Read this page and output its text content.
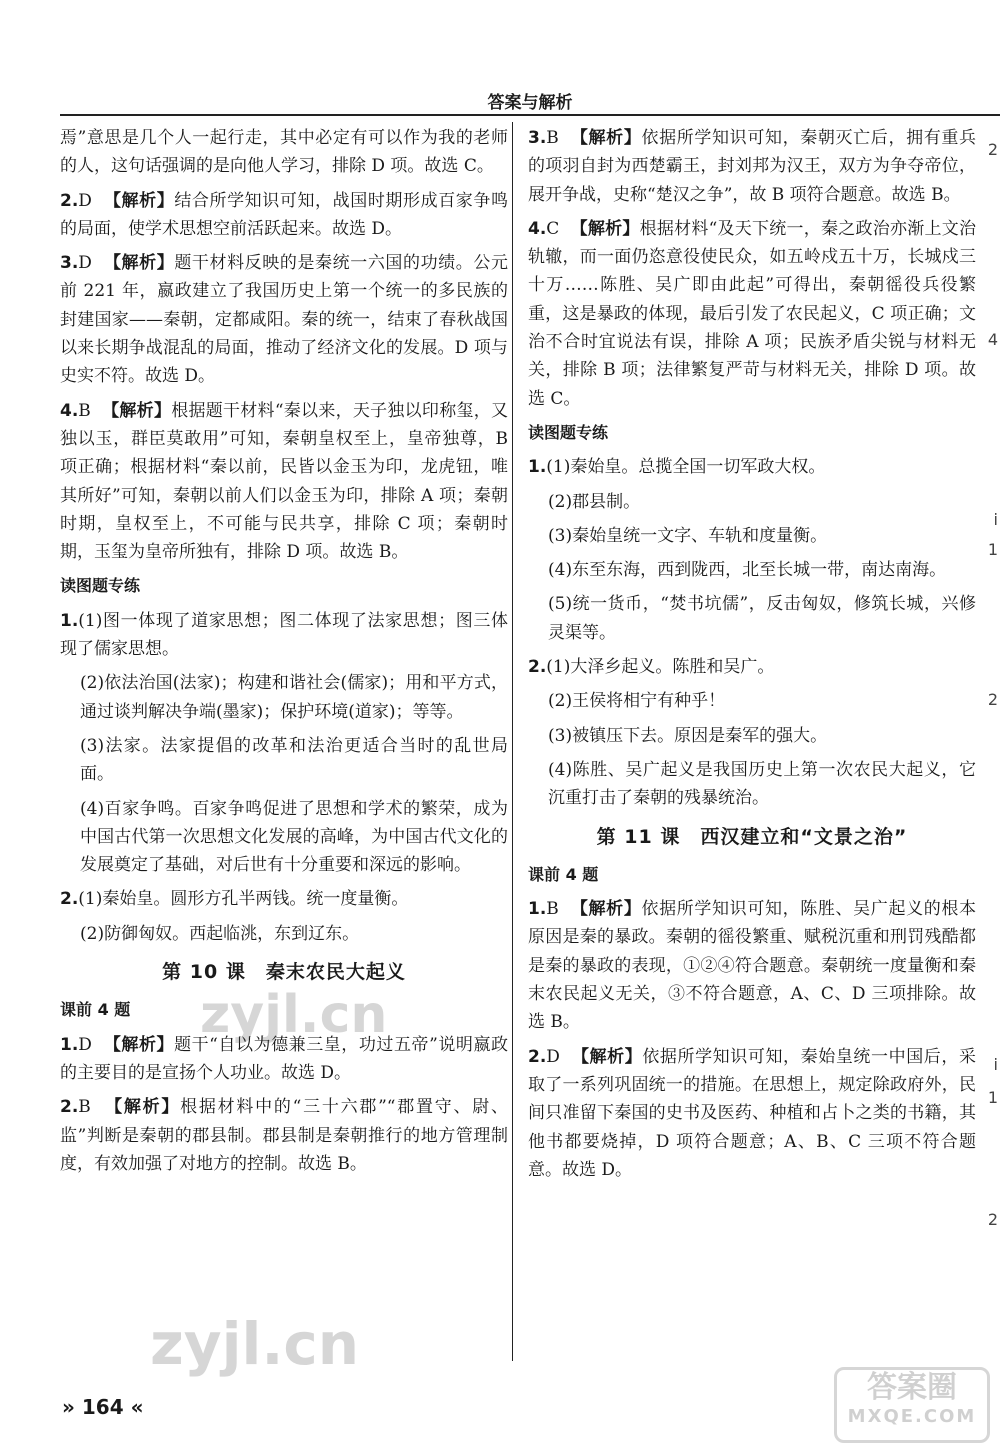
答案与解析

焉”意思是几个人一起行走，其中必定有可以作为我的老师的人，这句话强调的是向他人学习，排除 D 项。故选 C。

2.D 【解析】结合所学知识可知，战国时期形成百家争鸣的局面，使学术思想空前活跃起来。故选 D。

3.D 【解析】题干材料反映的是秦统一六国的功绩。公元前 221 年，嬴政建立了我国历史上第一个统一的多民族的封建国家——秦朝，定都咸阳。秦的统一，结束了春秋战国以来长期争战混乱的局面，推动了经济文化的发展。D 项与史实不符。故选 D。

4.B 【解析】根据题干材料“秦以来，天子独以印称玺，又独以玉，群臣莫敢用”可知，秦朝皇权至上，皇帝独尊，B 项正确；根据材料“秦以前，民皆以金玉为印，龙虎钮，唯其所好”可知，秦朝以前人们以金玉为印，排除 A 项；秦朝时期，皇权至上，不可能与民共享，排除 C 项；秦朝时期，玉玺为皇帝所独有，排除 D 项。故选 B。

读图题专练

1.(1)图一体现了道家思想；图二体现了法家思想；图三体现了儒家思想。

(2)依法治国(法家)；构建和谐社会(儒家)；用和平方式，通过谈判解决争端(墨家)；保护环境(道家)；等等。

(3)法家。法家提倡的改革和法治更适合当时的乱世局面。

(4)百家争鸣。百家争鸣促进了思想和学术的繁荣，成为中国古代第一次思想文化发展的高峰，为中国古代文化的发展奠定了基础，对后世有十分重要和深远的影响。

2.(1)秦始皇。圆形方孔半两钱。统一度量衡。

(2)防御匈奴。西起临洮，东到辽东。

第 10 课　秦末农民大起义
课前 4 题

1.D 【解析】题干“自以为德兼三皇，功过五帝”说明嬴政的主要目的是宣扬个人功业。故选 D。

2.B 【解析】根据材料中的“三十六郡”“郡置守、尉、监”判断是秦朝的郡县制。郡县制是秦朝推行的地方管理制度，有效加强了对地方的控制。故选 B。

3.B 【解析】依据所学知识可知，秦朝灭亡后，拥有重兵的项羽自封为西楚霸王，封刘邦为汉王，双方为争夺帝位，展开争战，史称“楚汉之争”，故 B 项符合题意。故选 B。

4.C 【解析】根据材料“及天下统一，秦之政治亦渐上文治轨辙，而一面仍恣意役使民众，如五岭戍五十万，长城戍三十万……陈胜、吴广即由此起”可得出，秦朝徭役兵役繁重，这是暴政的体现，最后引发了农民起义，C 项正确；文治不合时宜说法有误，排除 A 项；民族矛盾尖锐与材料无关，排除 B 项；法律繁复严苛与材料无关，排除 D 项。故选 C。

读图题专练

1.(1)秦始皇。总揽全国一切军政大权。

(2)郡县制。

(3)秦始皇统一文字、车轨和度量衡。

(4)东至东海，西到陇西，北至长城一带，南达南海。

(5)统一货币，“焚书坑儒”，反击匈奴，修筑长城，兴修灵渠等。

2.(1)大泽乡起义。陈胜和吴广。

(2)王侯将相宁有种乎！

(3)被镇压下去。原因是秦军的强大。

(4)陈胜、吴广起义是我国历史上第一次农民大起义，它沉重打击了秦朝的残暴统治。

第 11 课　西汉建立和“文景之治”
课前 4 题

1.B 【解析】依据所学知识可知，陈胜、吴广起义的根本原因是秦的暴政。秦朝的徭役繁重、赋税沉重和刑罚残酷都是秦的暴政的表现，①②④符合题意。秦朝统一度量衡和秦末农民起义无关，③不符合题意，A、C、D 三项排除。故选 B。

2.D 【解析】依据所学知识可知，秦始皇统一中国后，采取了一系列巩固统一的措施。在思想上，规定除政府外，民间只准留下秦国的史书及医药、种植和占卜之类的书籍，其他书都要烧掉，D 项符合题意；A、B、C 三项不符合题意。故选 D。

2
4
i
1
2
i
1
2
zyjl.cn
zyjl.cn
答案圈
MXQE.COM
» 164 «
